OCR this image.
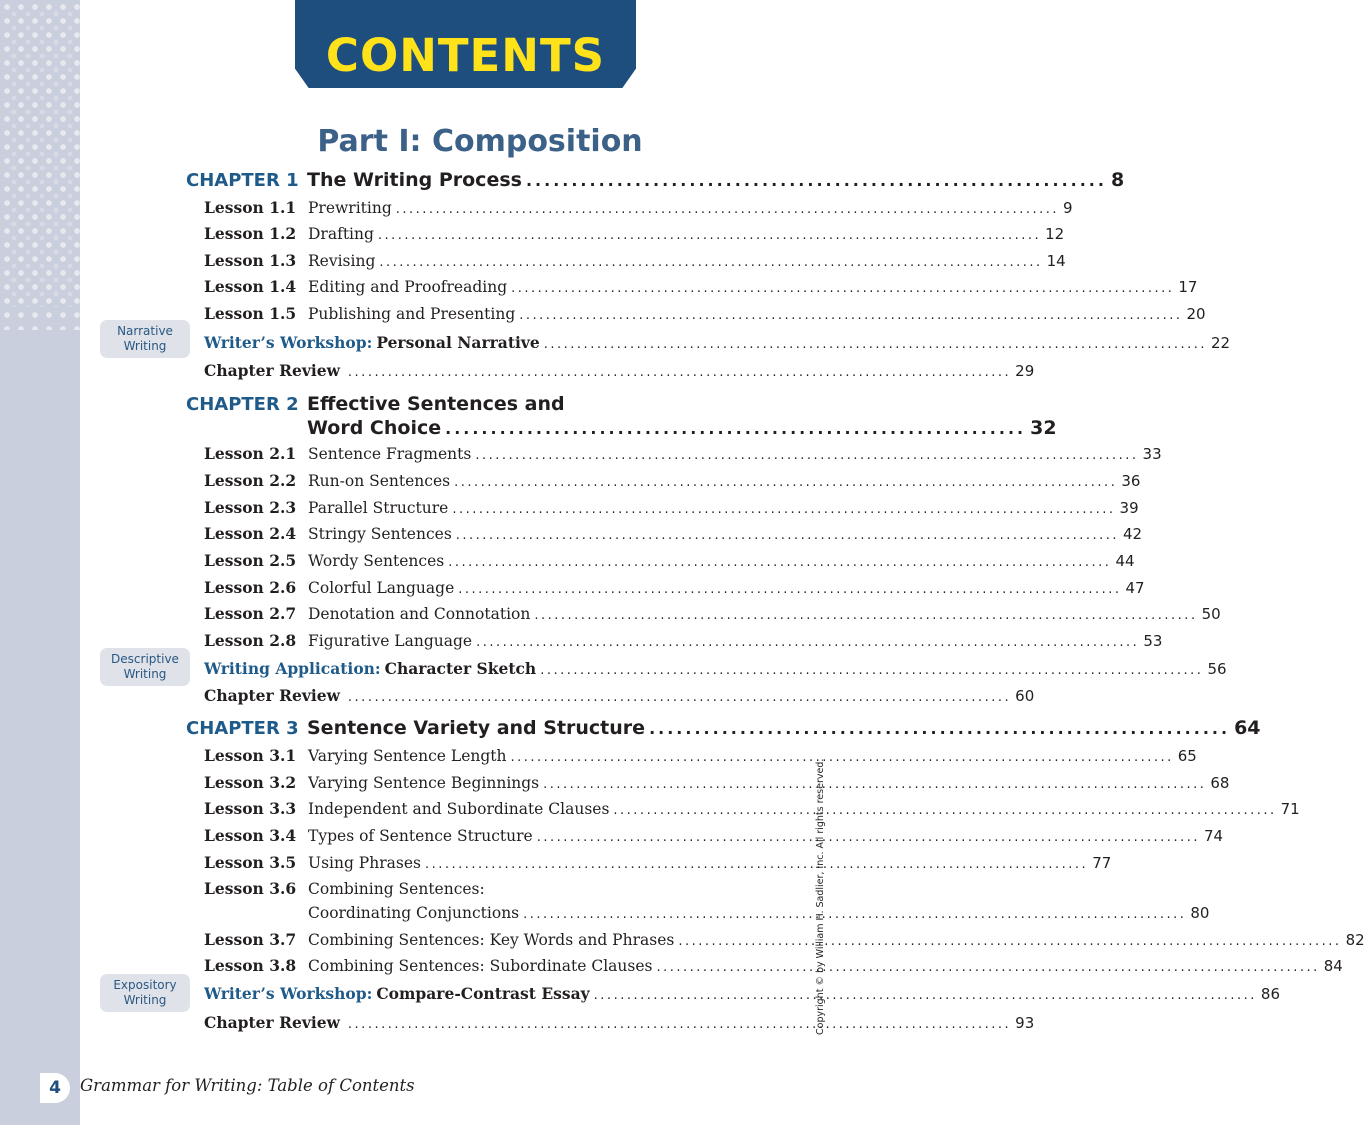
CONTENTS
Part I: Composition
CHAPTER 1 The Writing Process ................................................................ 8
Lesson 1.1 Prewriting .................................................................................................... 9
Lesson 1.2 Drafting .................................................................................................... 12
Lesson 1.3 Revising .................................................................................................... 14
Lesson 1.4 Editing and Proofreading .................................................................................................... 17
Lesson 1.5 Publishing and Presenting .................................................................................................... 20
Writer’s Workshop: Personal Narrative .................................................................................................... 22
Chapter Review .................................................................................................... 29
CHAPTER 2 Effective Sentences and
Word Choice ................................................................ 32
Lesson 2.1 Sentence Fragments .................................................................................................... 33
Lesson 2.2 Run-on Sentences .................................................................................................... 36
Lesson 2.3 Parallel Structure .................................................................................................... 39
Lesson 2.4 Stringy Sentences .................................................................................................... 42
Lesson 2.5 Wordy Sentences .................................................................................................... 44
Lesson 2.6 Colorful Language .................................................................................................... 47
Lesson 2.7 Denotation and Connotation .................................................................................................... 50
Lesson 2.8 Figurative Language .................................................................................................... 53
Writing Application: Character Sketch .................................................................................................... 56
Chapter Review .................................................................................................... 60
CHAPTER 3 Sentence Variety and Structure ................................................................ 64
Lesson 3.1 Varying Sentence Length .................................................................................................... 65
Lesson 3.2 Varying Sentence Beginnings .................................................................................................... 68
Lesson 3.3 Independent and Subordinate Clauses .................................................................................................... 71
Lesson 3.4 Types of Sentence Structure .................................................................................................... 74
Lesson 3.5 Using Phrases .................................................................................................... 77
Lesson 3.6 Combining Sentences:
Coordinating Conjunctions .................................................................................................... 80
Lesson 3.7 Combining Sentences: Key Words and Phrases .................................................................................................... 82
Lesson 3.8 Combining Sentences: Subordinate Clauses .................................................................................................... 84
Writer’s Workshop: Compare-Contrast Essay .................................................................................................... 86
Chapter Review .................................................................................................... 93
Narrative
Writing
Descriptive
Writing
Expository
Writing	Copyright © by William H. Sadlier, Inc. All rights reserved.
4	Grammar for Writing: Table of Contents
